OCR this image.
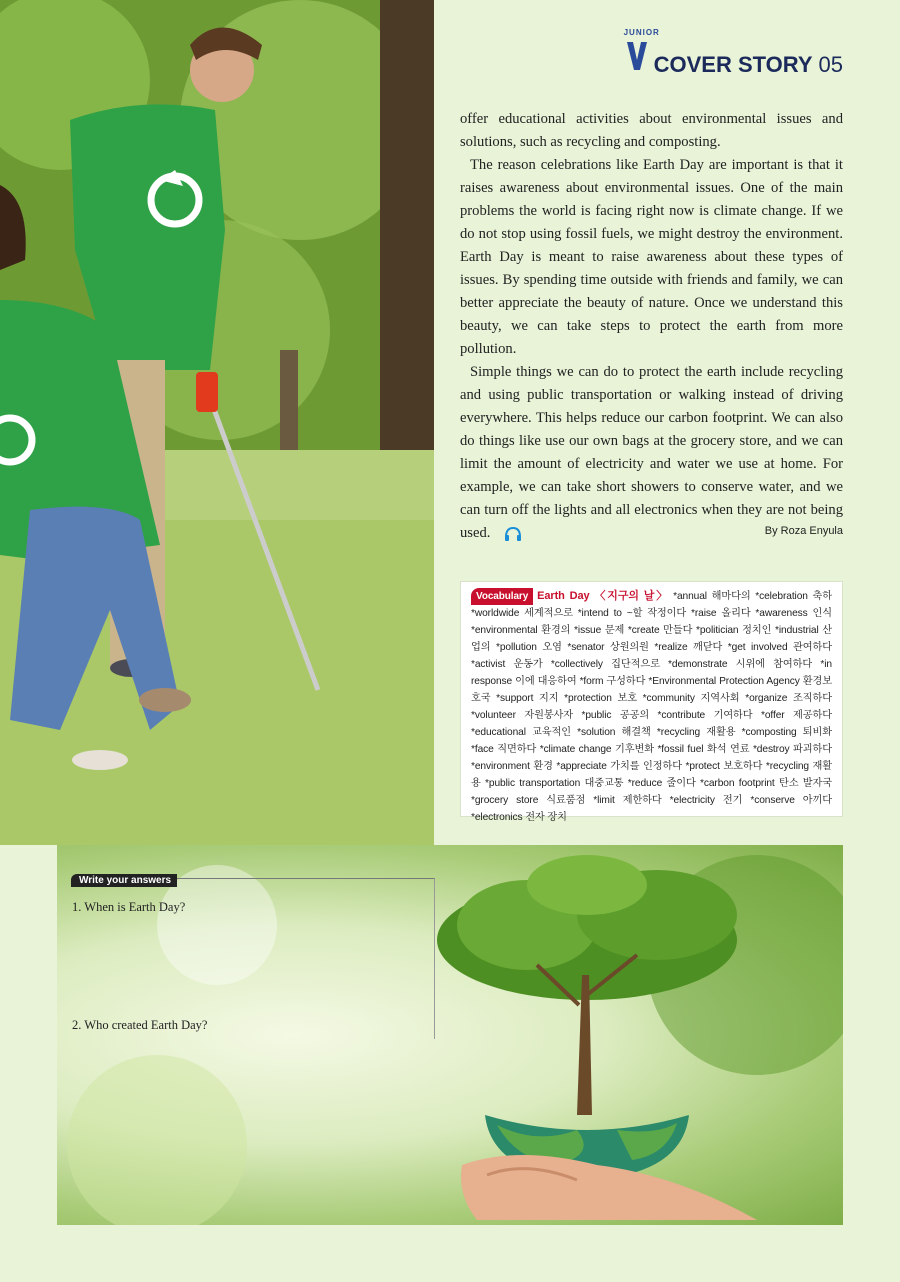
JUNIOR
COVER STORY 05

offer educational activities about environmental issues and solutions, such as recycling and composting.

The reason celebrations like Earth Day are important is that it raises awareness about environmental issues. One of the main problems the world is facing right now is climate change. If we do not stop using fossil fuels, we might destroy the environment. Earth Day is meant to raise awareness about these types of issues. By spending time outside with friends and family, we can better appreciate the beauty of nature. Once we understand this beauty, we can take steps to protect the earth from more pollution.

Simple things we can do to protect the earth include recycling and using public transportation or walking instead of driving everywhere. This helps reduce our carbon footprint. We can also do things like use our own bags at the grocery store, and we can limit the amount of electricity and water we use at home. For example, we can take short showers to conserve water, and we can turn off the lights and all electronics when they are not being used.	By Roza Enyula
Vocabulary Earth Day 〈지구의 날〉 *annual 해마다의 *celebration 축하 *worldwide 세계적으로 *intend to ~할 작정이다 *raise 올리다 *awareness 인식 *environmental 환경의 *issue 문제 *create 만들다 *politician 정치인 *industrial 산업의 *pollution 오염 *senator 상원의원 *realize 깨닫다 *get involved 관여하다 *activist 운동가 *collectively 집단적으로 *demonstrate 시위에 참여하다 *in response 이에 대응하여 *form 구성하다 *Environmental Protection Agency 환경보호국 *support 지지 *protection 보호 *community 지역사회 *organize 조직하다 *volunteer 자원봉사자 *public 공공의 *contribute 기여하다 *offer 제공하다 *educational 교육적인 *solution 해결책 *recycling 재활용 *composting 퇴비화 *face 직면하다 *climate change 기후변화 *fossil fuel 화석 연료 *destroy 파괴하다 *environment 환경 *appreciate 가치를 인정하다 *protect 보호하다 *recycling 재활용 *public transportation 대중교통 *reduce 줄이다 *carbon footprint 탄소 발자국 *grocery store 식료품점 *limit 제한하다 *electricity 전기 *conserve 아끼다 *electronics 전자 장치
Write your answers
1. When is Earth Day?
2. Who created Earth Day?
